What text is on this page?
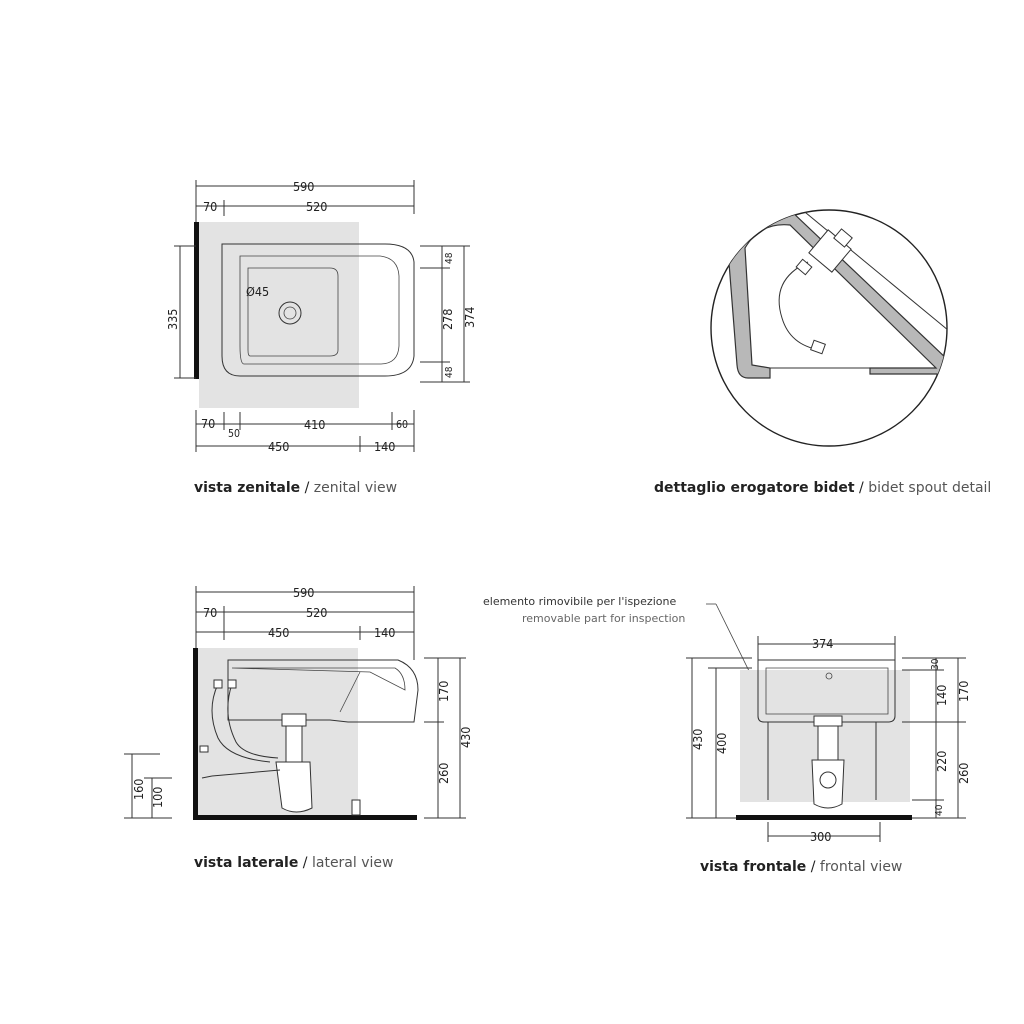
Ø45
590
70	520
335
48
278
48
374
70
50
410	60
450	140
vista zenitale / zenital view	dettaglio erogatore bidet / bidet spout detail
590
70	520
450	140
170
260
430
160 100
vista laterale / lateral view
elemento rimovibile per l'ispezione
removable part for inspection
374
300
430 400
30
140 170
220
260
40
vista frontale / frontal view
